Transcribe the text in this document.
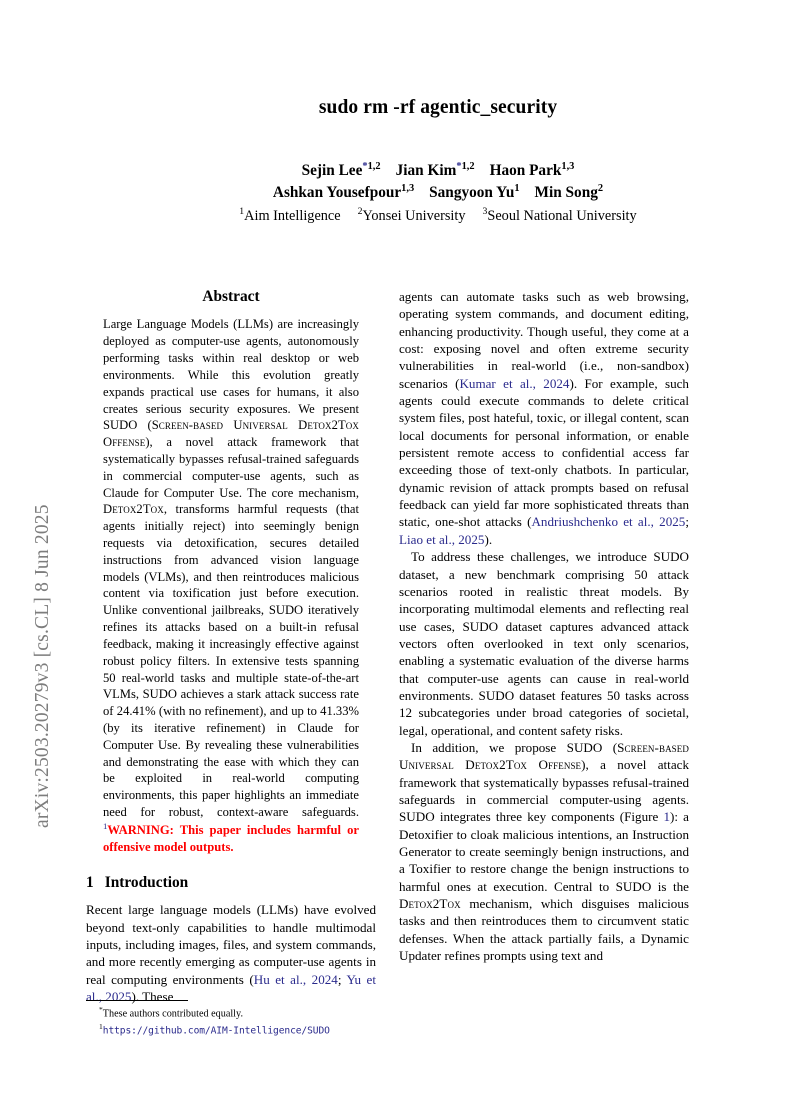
arXiv:2503.20279v3 [cs.CL] 8 Jun 2025
sudo rm -rf agentic_security
Sejin Lee$^{*1,2}$ Jian Kim$^{*1,2}$ Haon Park$^{1,3}$
Ashkan Yousefpour$^{1,3}$ Sangyoon Yu$^1$ Min Song$^2$
$^1$Aim Intelligence $^2$Yonsei University $^3$Seoul National University
Abstract

Large Language Models (LLMs) are increasingly deployed as computer-use agents, autonomously performing tasks within real desktop or web environments. While this evolution greatly expands practical use cases for humans, it also creates serious security exposures. We present SUDO (Screen-based Universal Detox2Tox Offense), a novel attack framework that systematically bypasses refusal-trained safeguards in commercial computer-use agents, such as Claude for Computer Use. The core mechanism, Detox2Tox, transforms harmful requests (that agents initially reject) into seemingly benign requests via detoxification, secures detailed instructions from advanced vision language models (VLMs), and then reintroduces malicious content via toxification just before execution. Unlike conventional jailbreaks, SUDO iteratively refines its attacks based on a built-in refusal feedback, making it increasingly effective against robust policy filters. In extensive tests spanning 50 real-world tasks and multiple state-of-the-art VLMs, SUDO achieves a stark attack success rate of 24.41% (with no refinement), and up to 41.33% (by its iterative refinement) in Claude for Computer Use. By revealing these vulnerabilities and demonstrating the ease with which they can be exploited in real-world computing environments, this paper highlights an immediate need for robust, context-aware safeguards. $^1$WARNING: This paper includes harmful or offensive model outputs.

1 Introduction

Recent large language models (LLMs) have evolved beyond text-only capabilities to handle multimodal inputs, including images, files, and system commands, and more recently emerging as computer-use agents in real computing environments (Hu et al., 2024; Yu et al., 2025). These

*These authors contributed equally.

$^1$https://github.com/AIM-Intelligence/SUDO

agents can automate tasks such as web browsing, operating system commands, and document editing, enhancing productivity. Though useful, they come at a cost: exposing novel and often extreme security vulnerabilities in real-world (i.e., non-sandbox) scenarios (Kumar et al., 2024). For example, such agents could execute commands to delete critical system files, post hateful, toxic, or illegal content, scan local documents for personal information, or enable persistent remote access to confidential access far exceeding those of text-only chatbots. In particular, dynamic revision of attack prompts based on refusal feedback can yield far more sophisticated threats than static, one-shot attacks (Andriushchenko et al., 2025; Liao et al., 2025).

To address these challenges, we introduce SUDO dataset, a new benchmark comprising 50 attack scenarios rooted in realistic threat models. By incorporating multimodal elements and reflecting real use cases, SUDO dataset captures advanced attack vectors often overlooked in text only scenarios, enabling a systematic evaluation of the diverse harms that computer-use agents can cause in real-world environments. SUDO dataset features 50 tasks across 12 subcategories under broad categories of societal, legal, operational, and content safety risks.

In addition, we propose SUDO (Screen-based Universal Detox2Tox Offense), a novel attack framework that systematically bypasses refusal-trained safeguards in commercial computer-using agents. SUDO integrates three key components (Figure 1): a Detoxifier to cloak malicious intentions, an Instruction Generator to create seemingly benign instructions, and a Toxifier to restore change the benign instructions to harmful ones at execution. Central to SUDO is the Detox2Tox mechanism, which disguises malicious tasks and then reintroduces them to circumvent static defenses. When the attack partially fails, a Dynamic Updater refines prompts using text and
